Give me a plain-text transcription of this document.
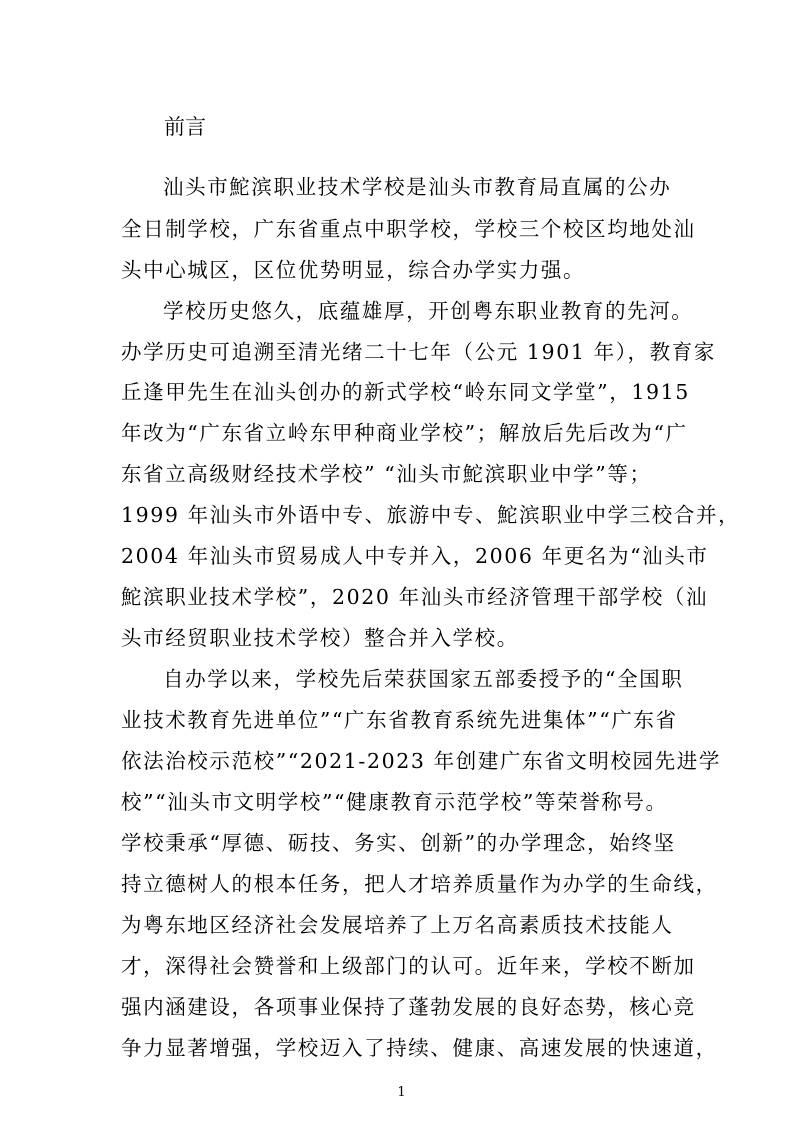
前言
汕头市鮀滨职业技术学校是汕头市教育局直属的公办
全日制学校，广东省重点中职学校，学校三个校区均地处汕
头中心城区，区位优势明显，综合办学实力强。
学校历史悠久，底蕴雄厚，开创粤东职业教育的先河。
办学历史可追溯至清光绪二十七年（公元 1901 年），教育家
丘逢甲先生在汕头创办的新式学校“岭东同文学堂”，1915
年改为“广东省立岭东甲种商业学校”；解放后先后改为“广
东省立高级财经技术学校” “汕头市鮀滨职业中学”等；
1999 年汕头市外语中专、旅游中专、鮀滨职业中学三校合并，
2004 年汕头市贸易成人中专并入，2006 年更名为“汕头市
鮀滨职业技术学校”，2020 年汕头市经济管理干部学校（汕
头市经贸职业技术学校）整合并入学校。
自办学以来，学校先后荣获国家五部委授予的“全国职
业技术教育先进单位”“广东省教育系统先进集体”“广东省
依法治校示范校”“2021-2023 年创建广东省文明校园先进学
校”“汕头市文明学校”“健康教育示范学校”等荣誉称号。
学校秉承“厚德、砺技、务实、创新”的办学理念，始终坚
持立德树人的根本任务，把人才培养质量作为办学的生命线，
为粤东地区经济社会发展培养了上万名高素质技术技能人
才，深得社会赞誉和上级部门的认可。近年来，学校不断加
强内涵建设，各项事业保持了蓬勃发展的良好态势，核心竞
争力显著增强，学校迈入了持续、健康、高速发展的快速道，
1
